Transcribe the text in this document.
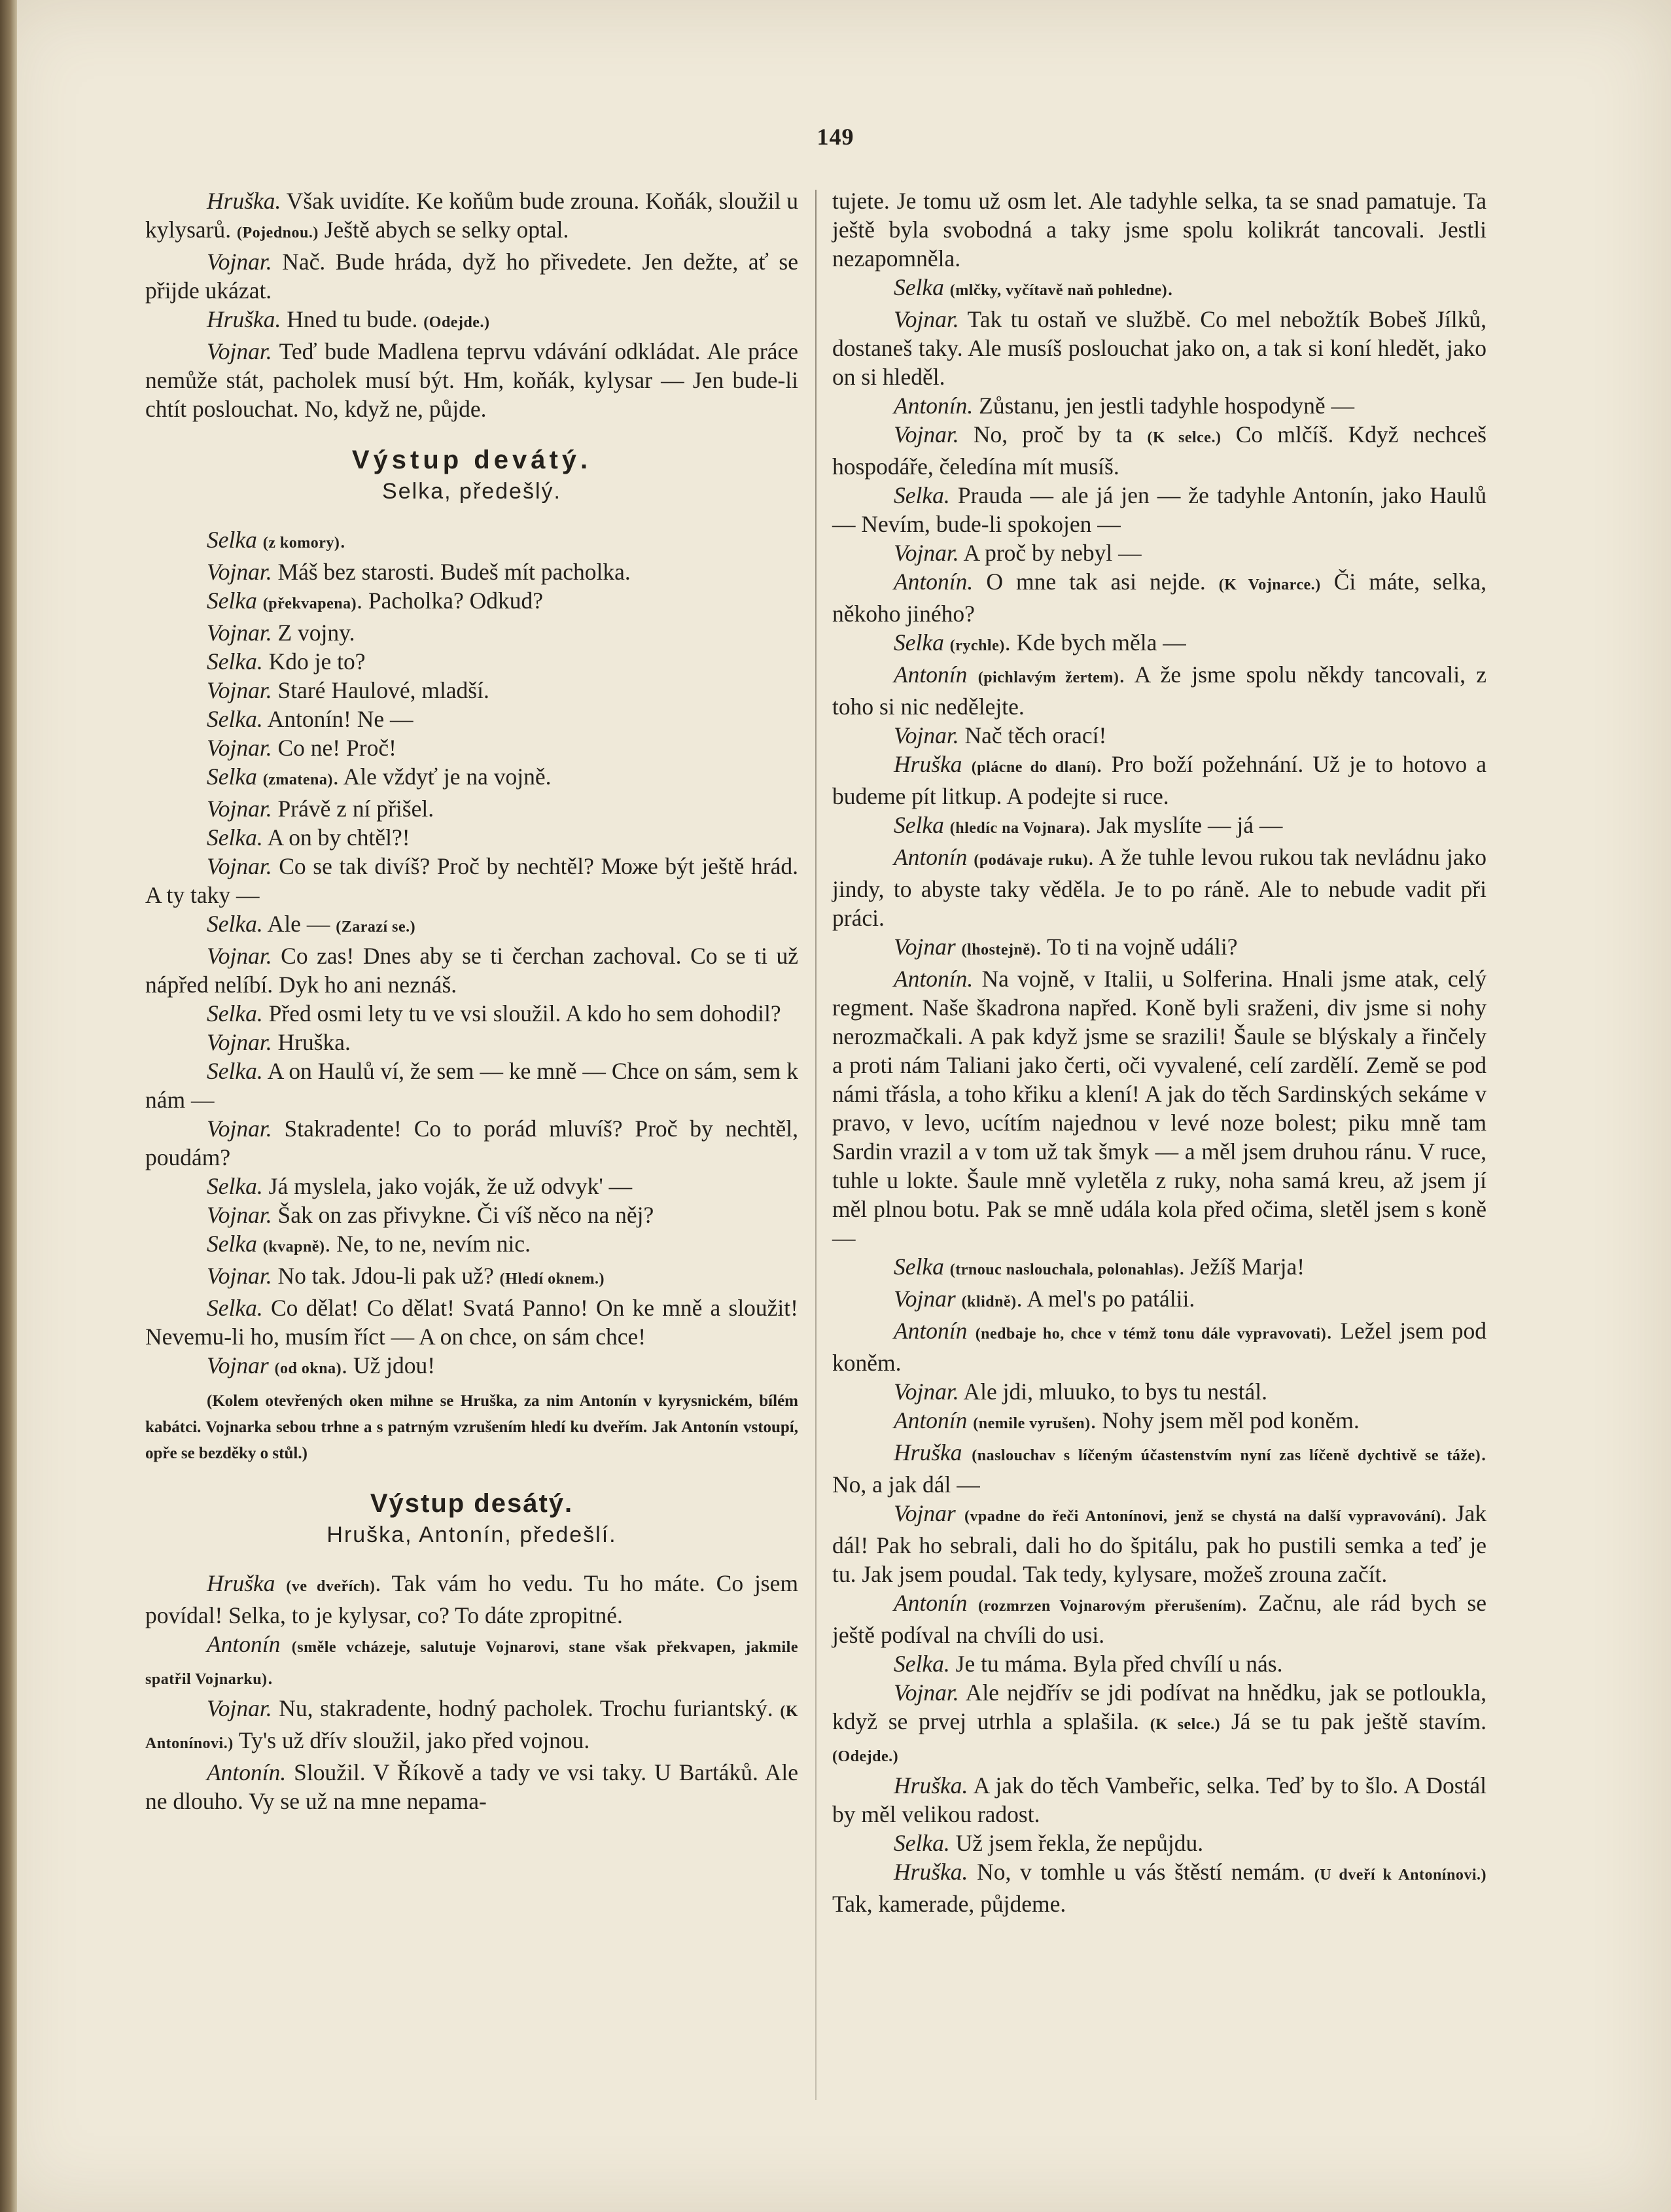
149
Hruška. Však uvidíte. Ke koňům bude zrouna. Koňák, sloužil u kylysarů. (Pojednou.) Ještě abych se selky optal.
Vojnar. Nač. Bude hráda, dyž ho přivedete. Jen dežte, ať se přijde ukázat.
Hruška. Hned tu bude. (Odejde.)
Vojnar. Teď bude Madlena teprvu vdávání odkládat. Ale práce nemůže stát, pacholek musí být. Hm, koňák, kylysar — Jen bude-li chtít poslouchat. No, když ne, půjde.
Výstup devátý.
Selka, předešlý.
Selka (z komory).
Vojnar. Máš bez starosti. Budeš mít pacholka.
Selka (překvapena). Pacholka? Odkud?
Vojnar. Z vojny.
Selka. Kdo je to?
Vojnar. Staré Haulové, mladší.
Selka. Antonín! Ne —
Vojnar. Co ne! Proč!
Selka (zmatena). Ale vždyť je na vojně.
Vojnar. Právě z ní přišel.
Selka. A on by chtěl?!
Vojnar. Co se tak divíš? Proč by nechtěl? Може být ještě hrád. A ty taky —
Selka. Ale — (Zarazí se.)
Vojnar. Co zas! Dnes aby se ti čerchan zachoval. Co se ti už nápřed nelíbí. Dyk ho ani neznáš.
Selka. Před osmi lety tu ve vsi sloužil. A kdo ho sem dohodil?
Vojnar. Hruška.
Selka. A on Haulů ví, že sem — ke mně — Chce on sám, sem k nám —
Vojnar. Stakradente! Co to porád mluvíš? Proč by nechtěl, poudám?
Selka. Já myslela, jako voják, že už odvyk' —
Vojnar. Šak on zas přivykne. Či víš něco na něj?
Selka (kvapně). Ne, to ne, nevím nic.
Vojnar. No tak. Jdou-li pak už? (Hledí oknem.)
Selka. Co dělat! Co dělat! Svatá Panno! On ke mně a sloužit! Nevemu-li ho, musím říct — A on chce, on sám chce!
Vojnar (od okna). Už jdou!
(Kolem otevřených oken mihne se Hruška, za nim Antonín v kyrysnickém, bílém kabátci. Vojnarka sebou trhne a s patrným vzrušením hledí ku dveřím. Jak Antonín vstoupí, opře se bezděky o stůl.)
Výstup desátý.
Hruška, Antonín, předešlí.
Hruška (ve dveřích). Tak vám ho vedu. Tu ho máte. Co jsem povídal! Selka, to je kylysar, co? To dáte zpropitné.
Antonín (směle vcházeje, salutuje Vojnarovi, stane však překvapen, jakmile spatřil Vojnarku).
Vojnar. Nu, stakradente, hodný pacholek. Trochu furiantský. (K Antonínovi.) Ty's už dřív sloužil, jako před vojnou.
Antonín. Sloužil. V Říkově a tady ve vsi taky. U Bartáků. Ale ne dlouho. Vy se už na mne nepama-
tujete. Je tomu už osm let. Ale tadyhle selka, ta se snad pamatuje. Ta ještě byla svobodná a taky jsme spolu kolikrát tancovali. Jestli nezapomněla.
Selka (mlčky, vyčítavě naň pohledne).
Vojnar. Tak tu ostaň ve službě. Co mel nebožtík Bobeš Jílků, dostaneš taky. Ale musíš poslouchat jako on, a tak si koní hledět, jako on si hleděl.
Antonín. Zůstanu, jen jestli tadyhle hospodyně —
Vojnar. No, proč by ta (K selce.) Co mlčíš. Když nechceš hospodáře, čeledína mít musíš.
Selka. Prauda — ale já jen — že tadyhle Antonín, jako Haulů — Nevím, bude-li spokojen —
Vojnar. A proč by nebyl —
Antonín. O mne tak asi nejde. (K Vojnarce.) Či máte, selka, někoho jiného?
Selka (rychle). Kde bych měla —
Antonín (pichlavým žertem). A že jsme spolu někdy tancovali, z toho si nic nedělejte.
Vojnar. Nač těch orací!
Hruška (plácne do dlaní). Pro boží požehnání. Už je to hotovo a budeme pít litkup. A podejte si ruce.
Selka (hledíc na Vojnara). Jak myslíte — já —
Antonín (podávaje ruku). A že tuhle levou rukou tak nevládnu jako jindy, to abyste taky věděla. Je to po ráně. Ale to nebude vadit při práci.
Vojnar (lhostejně). To ti na vojně událi?
Antonín. Na vojně, v Italii, u Solferina. Hnali jsme atak, celý regment. Naše škadrona napřed. Koně byli sraženi, div jsme si nohy nerozmačkali. A pak když jsme se srazili! Šaule se blýskaly a řinčely a proti nám Taliani jako čerti, oči vyvalené, celí zardělí. Země se pod námi třásla, a toho křiku a klení! A jak do těch Sardinských sekáme v pravo, v levo, ucítím najednou v levé noze bolest; piku mně tam Sardin vrazil a v tom už tak šmyk — a měl jsem druhou ránu. V ruce, tuhle u lokte. Šaule mně vyletěla z ruky, noha samá kreu, až jsem jí měl plnou botu. Pak se mně udála kola před očima, sletěl jsem s koně —
Selka (trnouc naslouchala, polonahlas). Ježíš Marja!
Vojnar (klidně). A mel's po patálii.
Antonín (nedbaje ho, chce v témž tonu dále vypravovati). Ležel jsem pod koněm.
Vojnar. Ale jdi, mluuko, to bys tu nestál.
Antonín (nemile vyrušen). Nohy jsem měl pod koněm.
Hruška (naslouchav s líčeným účastenstvím nyní zas líčeně dychtivě se táže). No, a jak dál —
Vojnar (vpadne do řeči Antonínovi, jenž se chystá na další vypravování). Jak dál! Pak ho sebrali, dali ho do špitálu, pak ho pustili semka a teď je tu. Jak jsem poudal. Tak tedy, kylysare, možeš zrouna začít.
Antonín (rozmrzen Vojnarovým přerušením). Začnu, ale rád bych se ještě podíval na chvíli do usi.
Selka. Je tu máma. Byla před chvílí u nás.
Vojnar. Ale nejdřív se jdi podívat na hnědku, jak se potloukla, když se prvej utrhla a splašila. (K selce.) Já se tu pak ještě stavím. (Odejde.)
Hruška. A jak do těch Vambeřic, selka. Teď by to šlo. A Dostál by měl velikou radost.
Selka. Už jsem řekla, že nepůjdu.
Hruška. No, v tomhle u vás štěstí nemám. (U dveří k Antonínovi.) Tak, kamerade, půjdeme.
